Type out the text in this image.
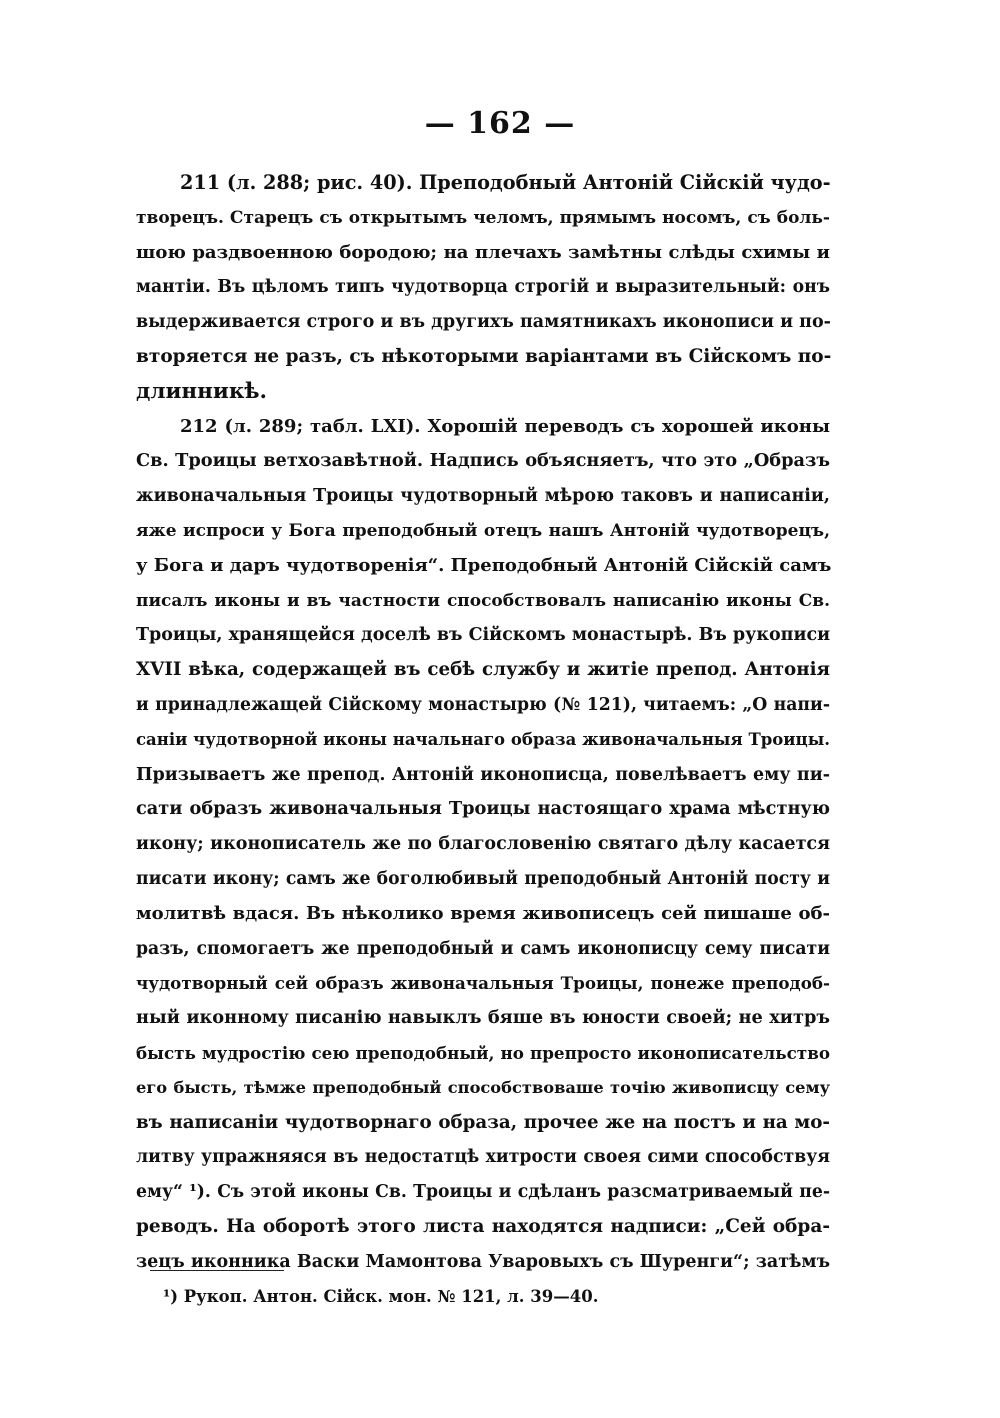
— 162 —
211 (л. 288; рис. 40). Преподобный Антоній Сійскій чудо-
творецъ. Старецъ съ открытымъ челомъ, прямымъ носомъ, съ боль-
шою раздвоенною бородою; на плечахъ замѣтны слѣды схимы и
мантіи. Въ цѣломъ типъ чудотворца строгій и выразительный: онъ
выдерживается строго и въ другихъ памятникахъ иконописи и по-
вторяется не разъ, съ нѣкоторыми варіантами въ Сійскомъ по-
длинникѣ.
212 (л. 289; табл. LXI). Хорошій переводъ съ хорошей иконы
Св. Троицы ветхозавѣтной. Надпись объясняетъ, что это „Образъ
живоначальныя Троицы чудотворный мѣрою таковъ и написаніи,
яже испроси у Бога преподобный отецъ нашъ Антоній чудотворецъ,
у Бога и даръ чудотворенія“. Преподобный Антоній Сійскій самъ
писалъ иконы и въ частности способствовалъ написанію иконы Св.
Троицы, хранящейся доселѣ въ Сійскомъ монастырѣ. Въ рукописи
XVII вѣка, содержащей въ себѣ службу и житіе препод. Антонія
и принадлежащей Сійскому монастырю (№ 121), читаемъ: „О напи-
саніи чудотворной иконы начальнаго образа живоначальныя Троицы.
Призываетъ же препод. Антоній иконописца, повелѣваетъ ему пи-
сати образъ живоначальныя Троицы настоящаго храма мѣстную
икону; иконописатель же по благословенію святаго дѣлу касается
писати икону; самъ же боголюбивый преподобный Антоній посту и
молитвѣ вдася. Въ нѣколико время живописецъ сей пишаше об-
разъ, спомогаетъ же преподобный и самъ иконописцу сему писати
чудотворный сей образъ живоначальныя Троицы, понеже преподоб-
ный иконному писанію навыклъ бяше въ юности своей; не хитръ
бысть мудростію сею преподобный, но препросто иконописательство
его бысть, тѣмже преподобный способствоваше точію живописцу сему
въ написаніи чудотворнаго образа, прочее же на постъ и на мо-
литву упражняяся въ недостатцѣ хитрости своея сими способствуя
ему“ ¹). Съ этой иконы Св. Троицы и сдѣланъ разсматриваемый пе-
реводъ. На оборотѣ этого листа находятся надписи: „Сей обра-
зецъ иконника Васки Мамонтова Уваровыхъ съ Шуренги“; затѣмъ
¹) Рукоп. Антон. Сійск. мон. № 121, л. 39—40.
